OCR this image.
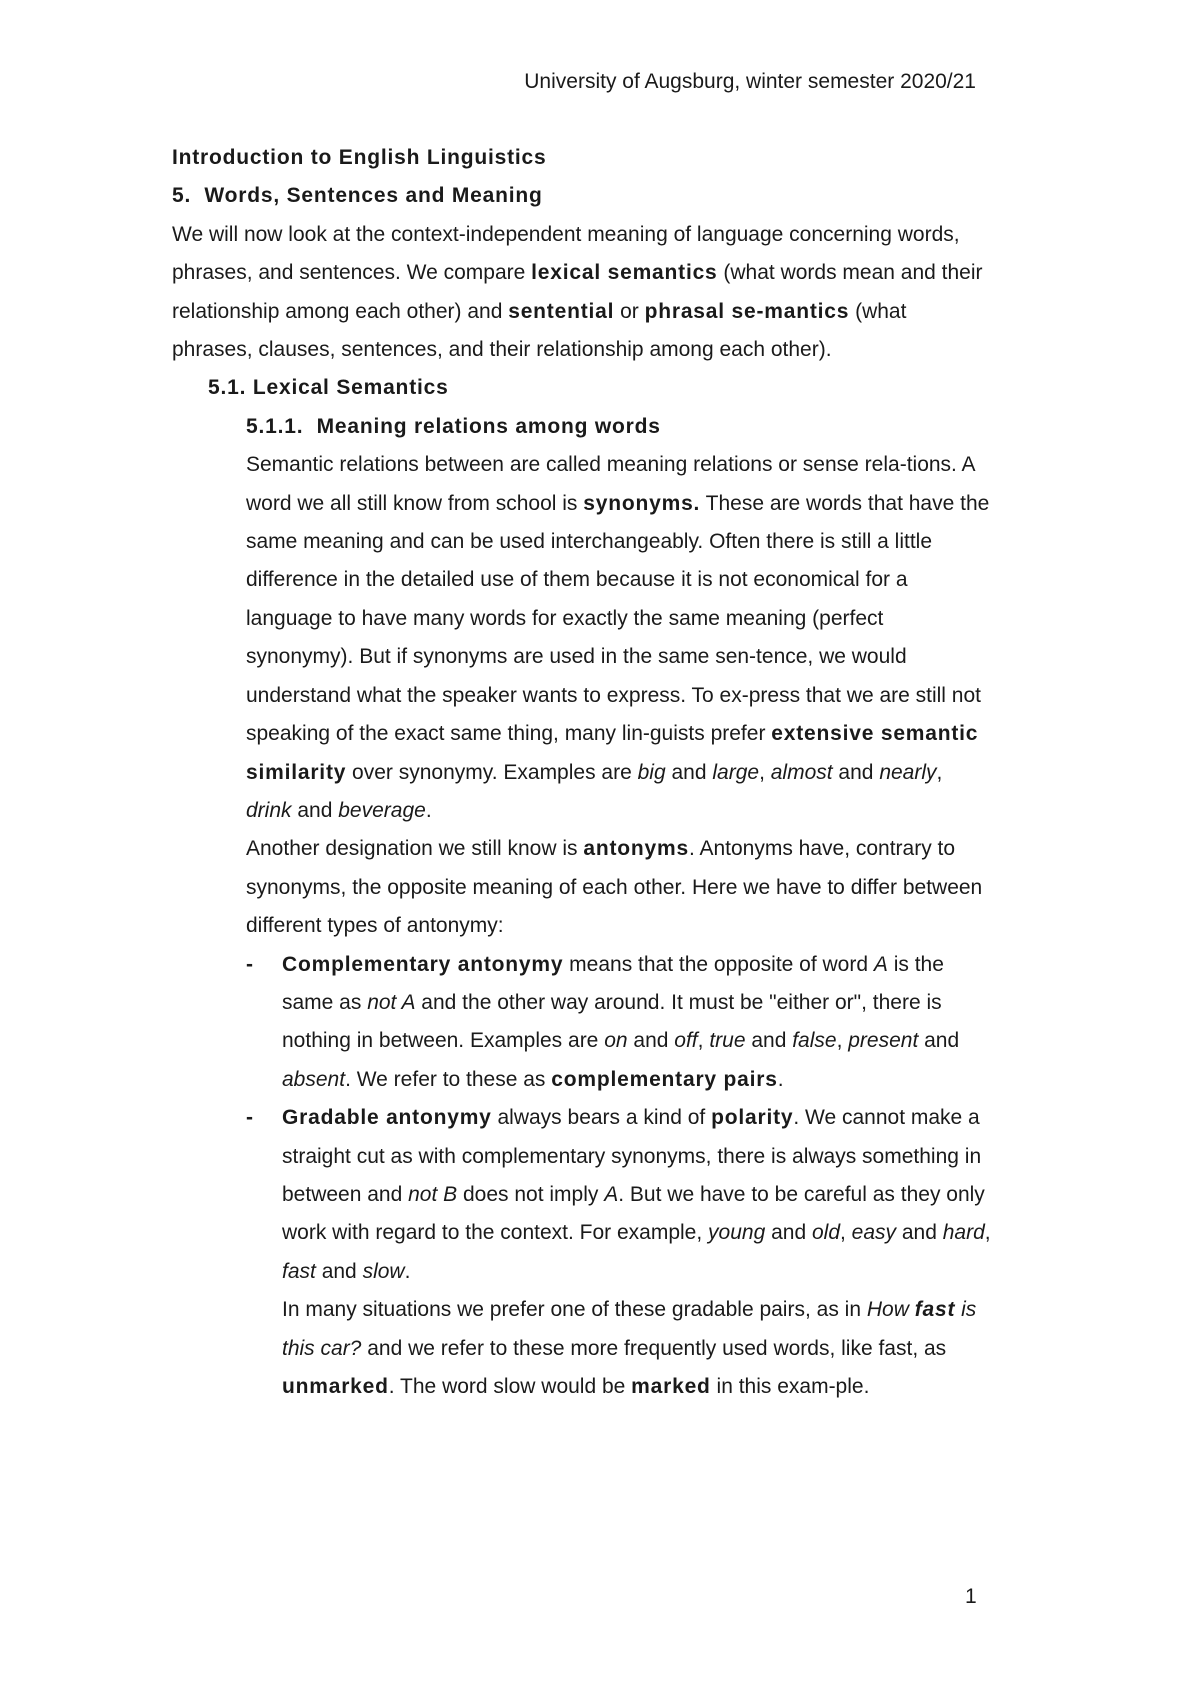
University of Augsburg, winter semester 2020/21

Introduction to English Linguistics

5. Words, Sentences and Meaning

We will now look at the context-independent meaning of language concerning words, phrases, and sentences. We compare lexical semantics (what words mean and their relationship among each other) and sentential or phrasal se-mantics (what phrases, clauses, sentences, and their relationship among each other).

5.1. Lexical Semantics

5.1.1. Meaning relations among words

Semantic relations between are called meaning relations or sense rela-tions. A word we all still know from school is synonyms. These are words that have the same meaning and can be used interchangeably. Often there is still a little difference in the detailed use of them because it is not economical for a language to have many words for exactly the same meaning (perfect synonymy). But if synonyms are used in the same sen-tence, we would understand what the speaker wants to express. To ex-press that we are still not speaking of the exact same thing, many lin-guists prefer extensive semantic similarity over synonymy. Examples are big and large, almost and nearly, drink and beverage.

Another designation we still know is antonyms. Antonyms have, contrary to synonyms, the opposite meaning of each other. Here we have to differ between different types of antonymy:

- Complementary antonymy means that the opposite of word A is the same as not A and the other way around. It must be "either or", there is nothing in between. Examples are on and off, true and false, present and absent. We refer to these as complementary pairs.
- Gradable antonymy always bears a kind of polarity. We cannot make a straight cut as with complementary synonyms, there is always something in between and not B does not imply A. But we have to be careful as they only work with regard to the context. For example, young and old, easy and hard, fast and slow.
In many situations we prefer one of these gradable pairs, as in How fast is this car? and we refer to these more frequently used words, like fast, as unmarked. The word slow would be marked in this exam-ple.
1
